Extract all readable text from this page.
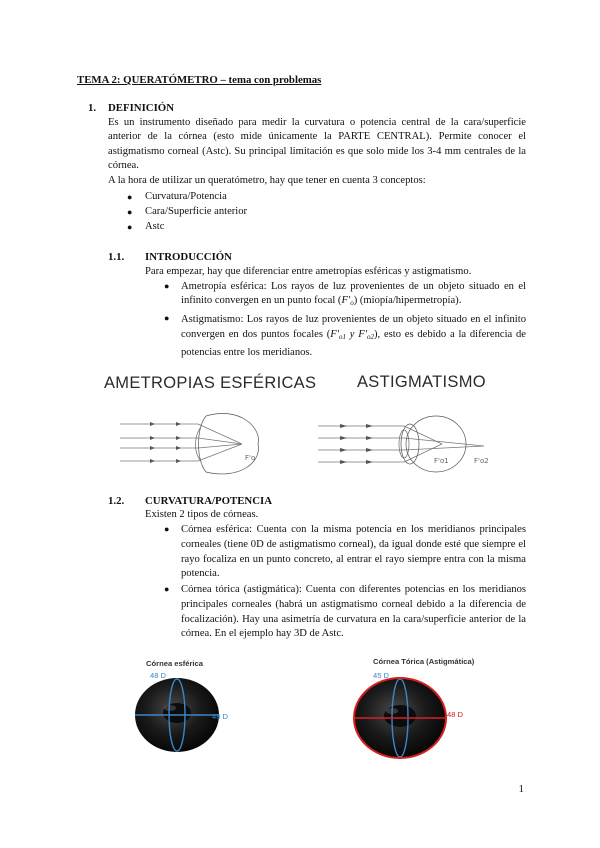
TEMA 2: QUERATÓMETRO – tema con problemas
1. DEFINICIÓN
Es un instrumento diseñado para medir la curvatura o potencia central de la cara/superficie anterior de la córnea (esto mide únicamente la PARTE CENTRAL). Permite conocer el astigmatismo corneal (Astc). Su principal limitación es que solo mide los 3-4 mm centrales de la córnea.
A la hora de utilizar un queratómetro, hay que tener en cuenta 3 conceptos:
● Curvatura/Potencia
● Cara/Superficie anterior
● Astc
1.1. INTRODUCCIÓN
Para empezar, hay que diferenciar entre ametropías esféricas y astigmatismo.
● Ametropía esférica: Los rayos de luz provenientes de un objeto situado en el infinito convergen en un punto focal $(F'_o)$ (miopía/hipermetropía).
● Astigmatismo: Los rayos de luz provenientes de un objeto situado en el infinito convergen en dos puntos focales ($F'_{o1}$ y $F'_{o2}$), esto es debido a la diferencia de potencias entre los meridianos.
AMETROPIAS ESFÉRICAS ASTIGMATISMO
F'o	F'o1	F'o2
1.2. CURVATURA/POTENCIA
Existen 2 tipos de córneas.
● Córnea esférica: Cuenta con la misma potencia en los meridianos principales corneales (tiene 0D de astigmatismo corneal), da igual donde esté que siempre el rayo focaliza en un punto concreto, al entrar el rayo siempre entra con la misma potencia.
● Córnea tórica (astigmática): Cuenta con diferentes potencias en los meridianos principales corneales (habrá un astigmatismo corneal debido a la diferencia de focalización). Hay una asimetría de curvatura en la cara/superficie anterior de la córnea. En el ejemplo hay 3D de Astc.
Córnea esférica	Córnea Tórica (Astigmática)
48 D
48 D
45 D
48 D
1
